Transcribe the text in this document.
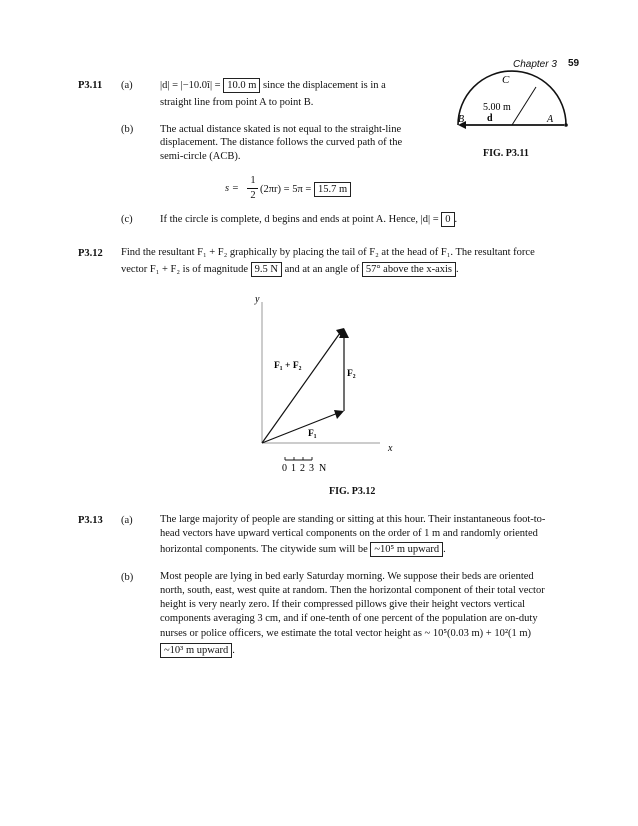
Chapter 3 59
P3.11 (a)	|d| = |−10.0î| = 10.0 m since the displacement is in a
straight line from point A to point B.
(b)	The actual distance skated is not equal to the straight-line
displacement. The distance follows the curved path of the
semi-circle (ACB).
s =
1
2
(2πr) = 5π = 15.7 m
(c)	If the circle is complete, d begins and ends at point A. Hence, |d| = 0 .
C
B	A
d
5.00 m
FIG. P3.11
P3.12 Find the resultant F₁ + F₂ graphically by placing the tail of F₂ at the head of F₁. The resultant force
vector F₁ + F₂ is of magnitude 9.5 N and at an angle of 57° above the x-axis .
y
x
F₁ + F₂
F₂
F₁
0 1 2 3 N
FIG. P3.12
P3.13 (a)	The large majority of people are standing or sitting at this hour. Their instantaneous foot-to-
head vectors have upward vertical components on the order of 1 m and randomly oriented
horizontal components. The citywide sum will be ~10⁵ m upward .
(b)	Most people are lying in bed early Saturday morning. We suppose their beds are oriented
north, south, east, west quite at random. Then the horizontal component of their total vector
height is very nearly zero. If their compressed pillows give their height vectors vertical
components averaging 3 cm, and if one-tenth of one percent of the population are on-duty
nurses or police officers, we estimate the total vector height as ~ 10⁵(0.03 m) + 10²(1 m)
~10³ m upward .
